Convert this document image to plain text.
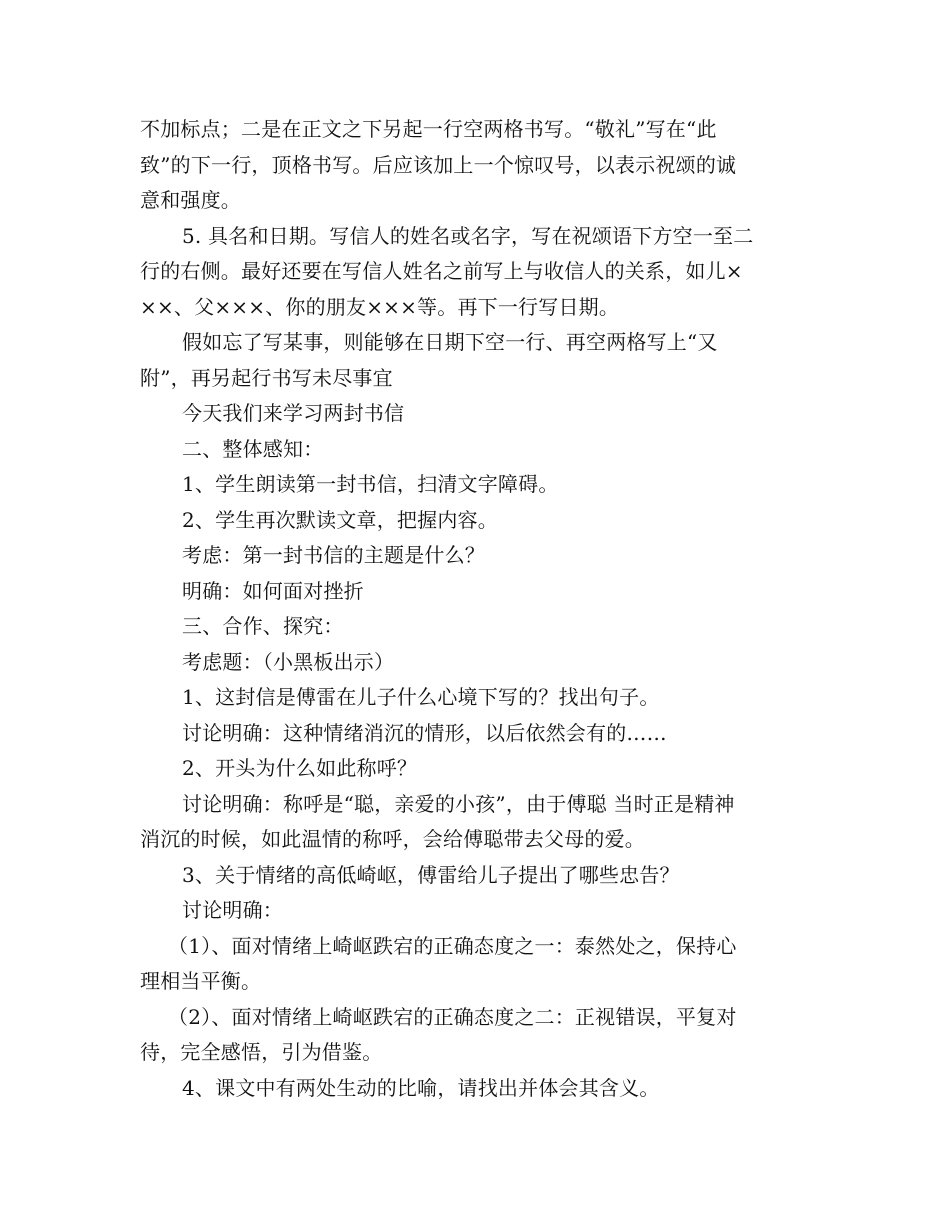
不加标点；二是在正文之下另起一行空两格书写。“敬礼”写在“此
致”的下一行，顶格书写。后应该加上一个惊叹号，以表示祝颂的诚
意和强度。
5. 具名和日期。写信人的姓名或名字，写在祝颂语下方空一至二
行的右侧。最好还要在写信人姓名之前写上与收信人的关系，如儿×
××、父×××、你的朋友×××等。再下一行写日期。
假如忘了写某事，则能够在日期下空一行、再空两格写上“又
附”，再另起行书写未尽事宜
今天我们来学习两封书信
二、整体感知：
1、学生朗读第一封书信，扫清文字障碍。
2、学生再次默读文章，把握内容。
考虑：第一封书信的主题是什么？
明确：如何面对挫折
三、合作、探究：
考虑题：（小黑板出示）
1、这封信是傅雷在儿子什么心境下写的？找出句子。
讨论明确：这种情绪消沉的情形，以后依然会有的……
2、开头为什么如此称呼？
讨论明确：称呼是“聪，亲爱的小孩”，由于傅聪 当时正是精神
消沉的时候，如此温情的称呼，会给傅聪带去父母的爱。
3、关于情绪的高低崎岖，傅雷给儿子提出了哪些忠告？
讨论明确：
（1）、面对情绪上崎岖跌宕的正确态度之一：泰然处之，保持心
理相当平衡。
（2）、面对情绪上崎岖跌宕的正确态度之二：正视错误，平复对
待，完全感悟，引为借鉴。
4、课文中有两处生动的比喻，请找出并体会其含义。
